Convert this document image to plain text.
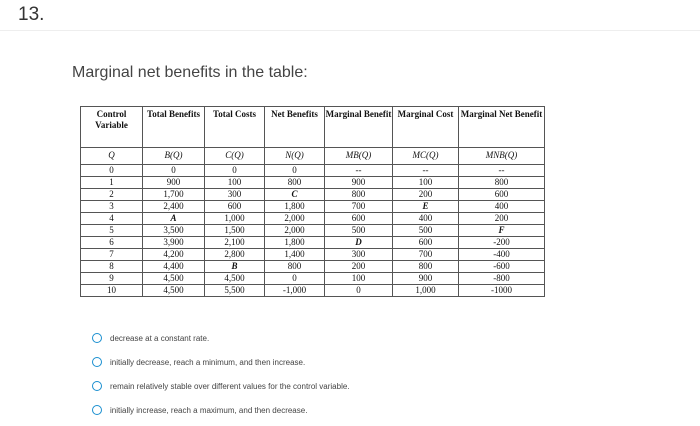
13.
Marginal net benefits in the table:
Control Variable	Total Benefits	Total Costs	Net Benefits	Marginal Benefit	Marginal Cost	Marginal Net Benefit
Q	B(Q)	C(Q)	N(Q)	MB(Q)	MC(Q)	MNB(Q)
0	0	0	0	--	--	--
1	900	100	800	900	100	800
2	1,700	300	C	800	200	600
3	2,400	600	1,800	700	E	400
4	A	1,000	2,000	600	400	200
5	3,500	1,500	2,000	500	500	F
6	3,900	2,100	1,800	D	600	-200
7	4,200	2,800	1,400	300	700	-400
8	4,400	B	800	200	800	-600
9	4,500	4,500	0	100	900	-800
10	4,500	5,500	-1,000	0	1,000	-1000
decrease at a constant rate.
initially decrease, reach a minimum, and then increase.
remain relatively stable over different values for the control variable.
initially increase, reach a maximum, and then decrease.
